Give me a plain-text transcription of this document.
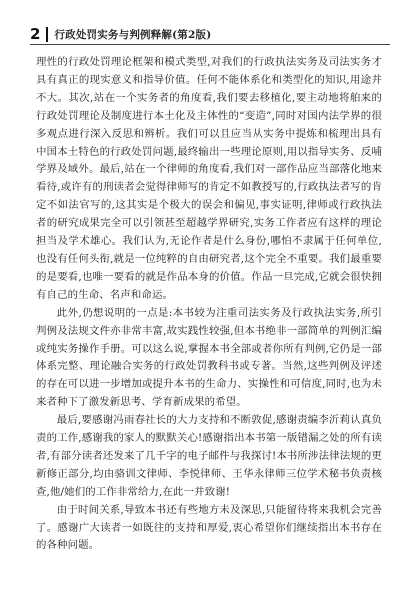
2 行政处罚实务与判例释解(第2版)

理性的行政处罚理论框架和模式类型,对我们的行政执法实务及司法实务才具有真正的现实意义和指导价值。任何不能体系化和类型化的知识,用途并不大。其次,站在一个实务者的角度看,我们要去移植化,要主动地将舶来的行政处罚理论及制度进行本土化及主体性的“变造”,同时对国内法学界的很多观点进行深入反思和辨析。我们可以且应当从实务中提炼和梳理出具有中国本土特色的行政处罚问题,最终输出一些理论原则,用以指导实务、反哺学界及域外。最后,站在一个律师的角度看,我们对一部作品应当部落化地来看待,或许有的刑读者会觉得律师写的肯定不如教授写的,行政执法者写的肯定不如法官写的,这其实是个极大的误会和偏见,事实证明,律师或行政执法者的研究成果完全可以引领甚至超越学界研究,实务工作者应有这样的理论担当及学术雄心。我们认为,无论作者是什么身份,哪怕不隶属于任何单位,也没有任何头衔,就是一位纯粹的自由研究者,这个完全不重要。我们最重要的是要看,也唯一要看的就是作品本身的价值。作品一旦完成,它就会很快拥有自己的生命、名声和命运。

此外,仍想说明的一点是:本书较为注重司法实务及行政执法实务,所引判例及法规文件亦非常丰富,故实践性较强,但本书绝非一部简单的判例汇编或纯实务操作手册。可以这么说,掌握本书全部或者你所有判例,它仍是一部体系完整、理论融合实务的行政处罚教科书或专著。当然,这些判例及评述的存在可以进一步增加或提升本书的生命力、实操性和可信度,同时,也为未来者种下了激发新思考、学育新成果的希望。

最后,要感谢冯雨春社长的大力支持和不断敦促,感谢责编李沂莉认真负责的工作,感谢我的家人的默默关心!感谢指出本书第一版错漏之处的所有读者,有部分读者还发来了几千字的电子邮件与我探讨!本书所涉法律法规的更新修正部分,均由骆训文律师、李悦律师、王华永律师三位学术秘书负责核查,他/她们的工作非常给力,在此一并致谢!

由于时间关系,导致本书还有些地方未及深思,只能留待将来我机会完善了。感谢广大读者一如既往的支持和厚爱,衷心希望你们继续指出本书存在的各种问题。
